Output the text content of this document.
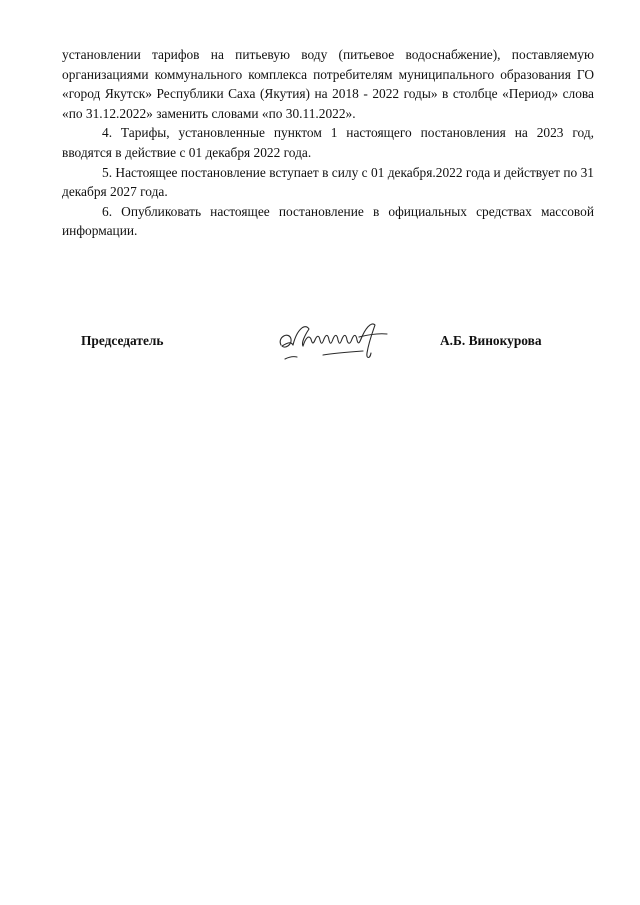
установлении тарифов на питьевую воду (питьевое водоснабжение), поставляемую организациями коммунального комплекса потребителям муниципального образования ГО «город Якутск» Республики Саха (Якутия) на 2018 - 2022 годы» в столбце «Период» слова «по 31.12.2022» заменить словами «по 30.11.2022».

4. Тарифы, установленные пунктом 1 настоящего постановления на 2023 год, вводятся в действие с 01 декабря 2022 года.

5. Настоящее постановление вступает в силу с 01 декабря.2022 года и действует по 31 декабря 2027 года.

6. Опубликовать настоящее постановление в официальных средствах массовой информации.

Председатель	А.Б. Винокурова
